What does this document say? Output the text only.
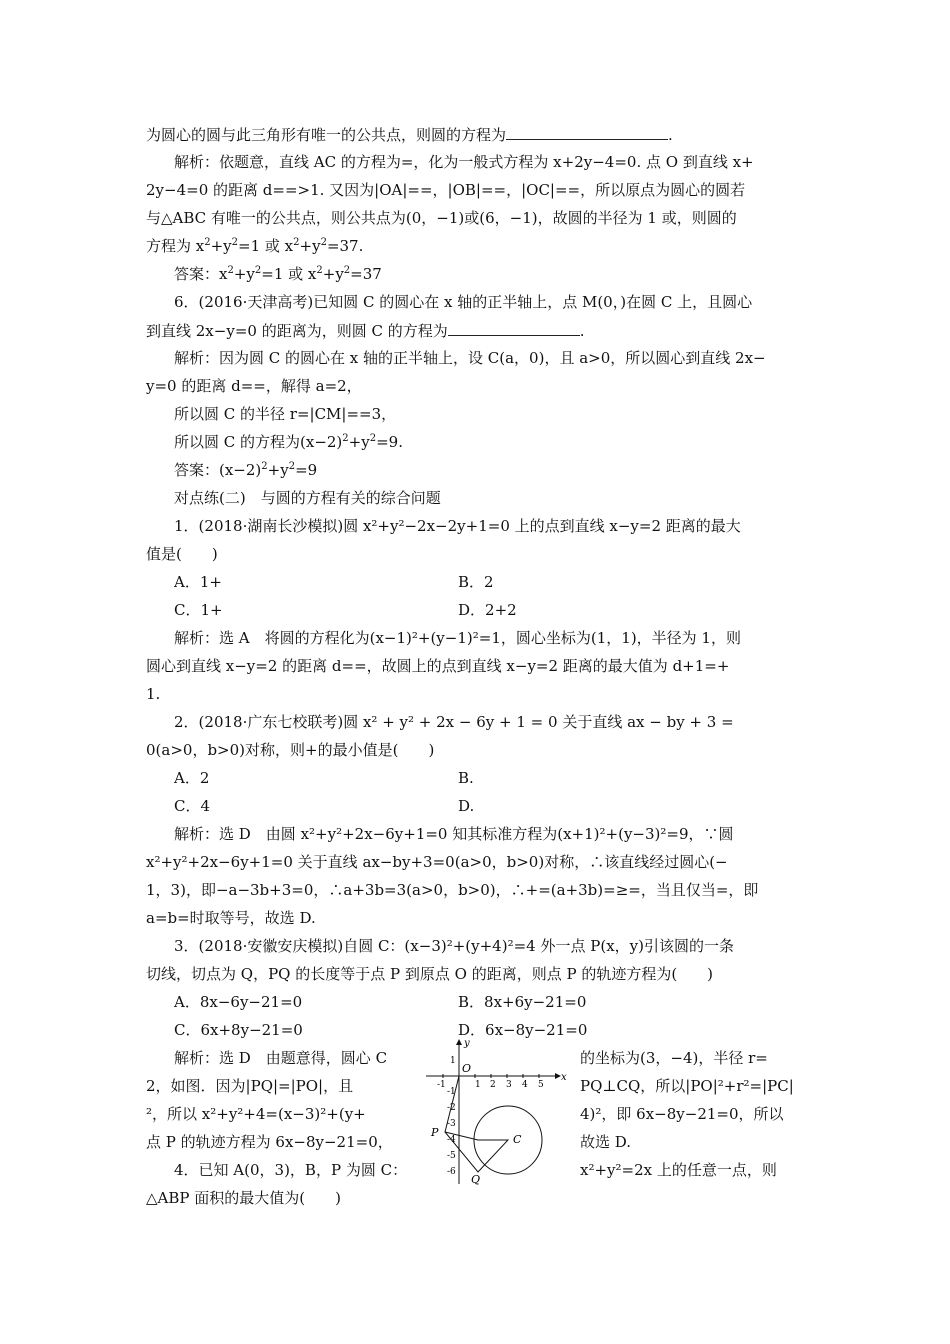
为圆心的圆与此三角形有唯一的公共点，则圆的方程为	.
解析：依题意，直线 AC 的方程为=，化为一般式方程为 x+2y−4=0. 点 O 到直线 x+
2y−4=0 的距离 d==>1. 又因为|OA|==，|OB|==，|OC|==，所以原点为圆心的圆若
与△ABC 有唯一的公共点，则公共点为(0，−1)或(6，−1)，故圆的半径为 1 或，则圆的
方程为 $x^2+y^2=1$ 或 $x^2+y^2=37$.
答案：$x^2+y^2=1$ 或 $x^2+y^2=37$
6．(2016·天津高考)已知圆 C 的圆心在 x 轴的正半轴上，点 M(0，)在圆 C 上，且圆心
到直线 2x−y=0 的距离为，则圆 C 的方程为	.
解析：因为圆 C 的圆心在 x 轴的正半轴上，设 C(a，0)，且 a>0，所以圆心到直线 2x−
y=0 的距离 d==，解得 a=2，
所以圆 C 的半径 r=|CM|==3，
所以圆 C 的方程为$(x-2)^2+y^2=9$.
答案：$(x-2)^2+y^2=9$
对点练(二)　与圆的方程有关的综合问题
1．(2018·湖南长沙模拟)圆 x²+y²−2x−2y+1=0 上的点到直线 x−y=2 距离的最大
值是(　　)
A．1+	B．2
C．1+	D．2+2
解析：选 A　将圆的方程化为(x−1)²+(y−1)²=1，圆心坐标为(1，1)，半径为 1，则
圆心到直线 x−y=2 的距离 d==，故圆上的点到直线 x−y=2 距离的最大值为 d+1=+
1.
2．(2018·广东七校联考)圆 x² + y² + 2x − 6y + 1 = 0 关于直线 ax − by + 3 =
0(a>0，b>0)对称，则+的最小值是(　　)
A．2	B.
C．4	D.
解析：选 D　由圆 x²+y²+2x−6y+1=0 知其标准方程为(x+1)²+(y−3)²=9，∵圆
x²+y²+2x−6y+1=0 关于直线 ax−by+3=0(a>0，b>0)对称，∴该直线经过圆心(−
1，3)，即−a−3b+3=0，∴a+3b=3(a>0，b>0)，∴+=(a+3b)=≥=，当且仅当=，即
a=b=时取等号，故选 D.
3．(2018·安徽安庆模拟)自圆 C：(x−3)²+(y+4)²=4 外一点 P(x，y)引该圆的一条
切线，切点为 Q，PQ 的长度等于点 P 到原点 O 的距离，则点 P 的轨迹方程为(　　)
A．8x−6y−21=0	B．8x+6y−21=0
C．6x+8y−21=0	D．6x−8y−21=0
解析：选 D　由题意得，圆心 C	的坐标为(3，−4)，半径 r=
2，如图．因为|PQ|=|PO|，且	PQ⊥CQ，所以|PO|²+r²=|PC|
²，所以 x²+y²+4=(x−3)²+(y+	4)²，即 6x−8y−21=0，所以
点 P 的轨迹方程为 6x−8y−21=0，	故选 D.
4．已知 A(0，3)，B，P 为圆 C：	x²+y²=2x 上的任意一点，则
△ABP 面积的最大值为(　　)
x
y
O
-1	1 2 3 4 5
1
-1
-2
-3
-4
-5
-6
P
Q
C
